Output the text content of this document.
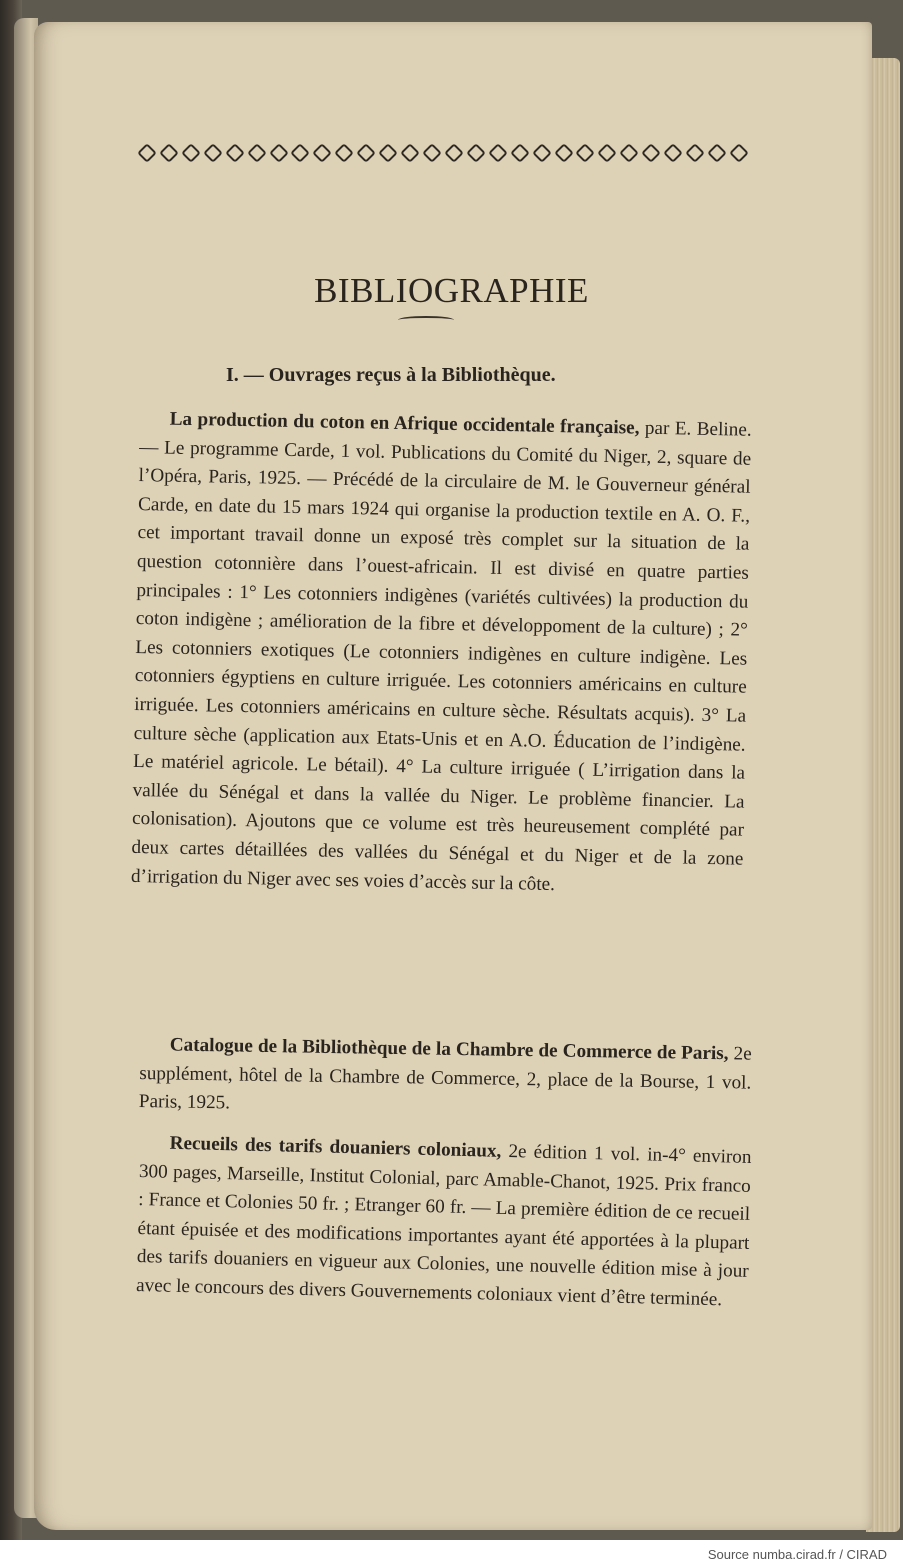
BIBLIOGRAPHIE
I. — Ouvrages reçus à la Bibliothèque.

La production du coton en Afrique occidentale française, par E. Beline. — Le programme Carde, 1 vol. Publications du Comité du Niger, 2, square de l’Opéra, Paris, 1925. — Précédé de la circulaire de M. le Gouverneur général Carde, en date du 15 mars 1924 qui organise la production textile en A. O. F., cet important travail donne un exposé très complet sur la situation de la question cotonnière dans l’ouest-africain. Il est divisé en quatre parties principales : 1° Les cotonniers indigènes (variétés cultivées) la production du coton indigène ; amélioration de la fibre et développoment de la culture) ; 2° Les cotonniers exotiques (Le cotonniers indigènes en culture indigène. Les cotonniers égyptiens en culture irriguée. Les cotonniers américains en culture irriguée. Les cotonniers américains en culture sèche. Résultats acquis). 3° La culture sèche (application aux Etats-Unis et en A.O. Éducation de l’indigène. Le matériel agricole. Le bétail). 4° La culture irriguée ( L’irrigation dans la vallée du Sénégal et dans la vallée du Niger. Le problème financier. La colonisation). Ajoutons que ce volume est très heureusement complété par deux cartes détaillées des vallées du Sénégal et du Niger et de la zone d’irrigation du Niger avec ses voies d’accès sur la côte.

Catalogue de la Bibliothèque de la Chambre de Commerce de Paris, 2e supplément, hôtel de la Chambre de Commerce, 2, place de la Bourse, 1 vol. Paris, 1925.

Recueils des tarifs douaniers coloniaux, 2e édition 1 vol. in-4° environ 300 pages, Marseille, Institut Colonial, parc Amable-Chanot, 1925. Prix franco : France et Colonies 50 fr. ; Etranger 60 fr. — La première édition de ce recueil étant épuisée et des modifications importantes ayant été apportées à la plupart des tarifs douaniers en vigueur aux Colonies, une nouvelle édition mise à jour avec le concours des divers Gouvernements coloniaux vient d’être terminée.

Source numba.cirad.fr / CIRAD
